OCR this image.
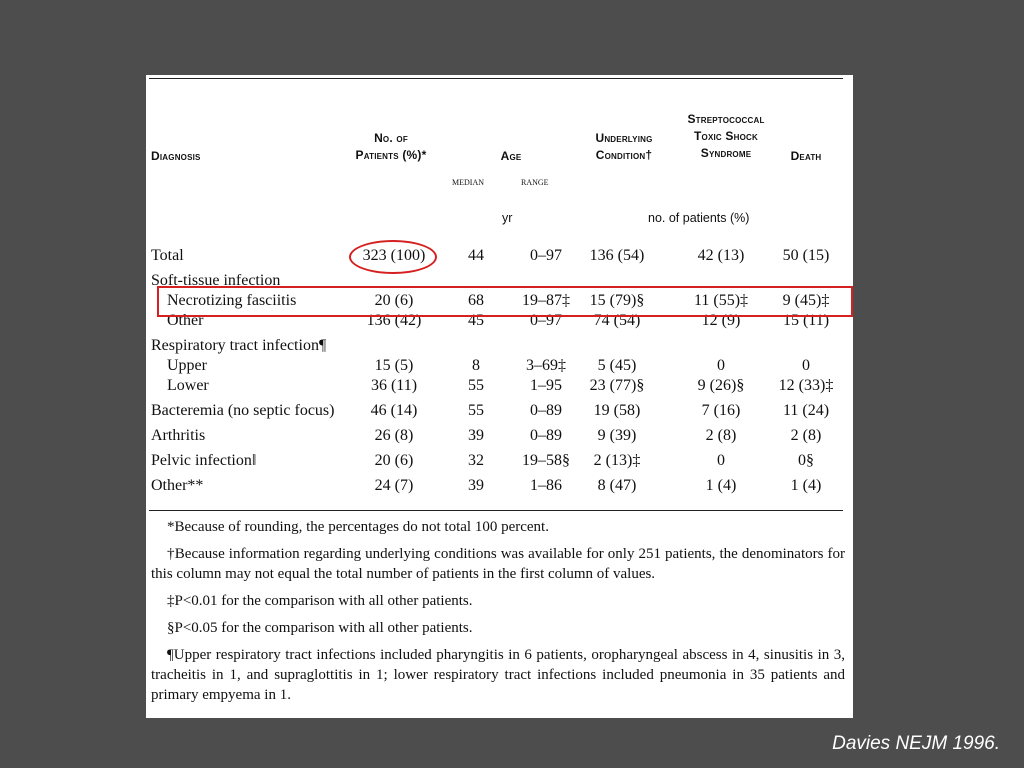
Diagnosis
No. of
Patients (%)*	Age
Underlying
Condition†
Streptococcal
Toxic Shock
Syndrome	Death
median	range
yr	no. of patients (%)
Total	323 (100)	44	0–97	136 (54)	42 (13)	50 (15)
Soft-tissue infection
Necrotizing fasciitis	20 (6)	68	19–87‡	15 (79)§	11 (55)‡	9 (45)‡
Other	136 (42)	45	0–97	74 (54)	12 (9)	15 (11)
Respiratory tract infection¶
Upper	15 (5)	8	3–69‡	5 (45)	0	0
Lower	36 (11)	55	1–95	23 (77)§	9 (26)§	12 (33)‡
Bacteremia (no septic focus)	46 (14)	55	0–89	19 (58)	7 (16)	11 (24)
Arthritis	26 (8)	39	0–89	9 (39)	2 (8)	2 (8)
Pelvic infection‖	20 (6)	32	19–58§	2 (13)‡	0	0§
Other**	24 (7)	39	1–86	8 (47)	1 (4)	1 (4)

*Because of rounding, the percentages do not total 100 percent.

†Because information regarding underlying conditions was available for only 251 patients, the denominators for this column may not equal the total number of patients in the first column of values.

‡P<0.01 for the comparison with all other patients.

§P<0.05 for the comparison with all other patients.

¶Upper respiratory tract infections included pharyngitis in 6 patients, oropharyngeal abscess in 4, sinusitis in 3, tracheitis in 1, and supraglottitis in 1; lower respiratory tract infections included pneumonia in 35 patients and primary empyema in 1.

Davies NEJM 1996.
